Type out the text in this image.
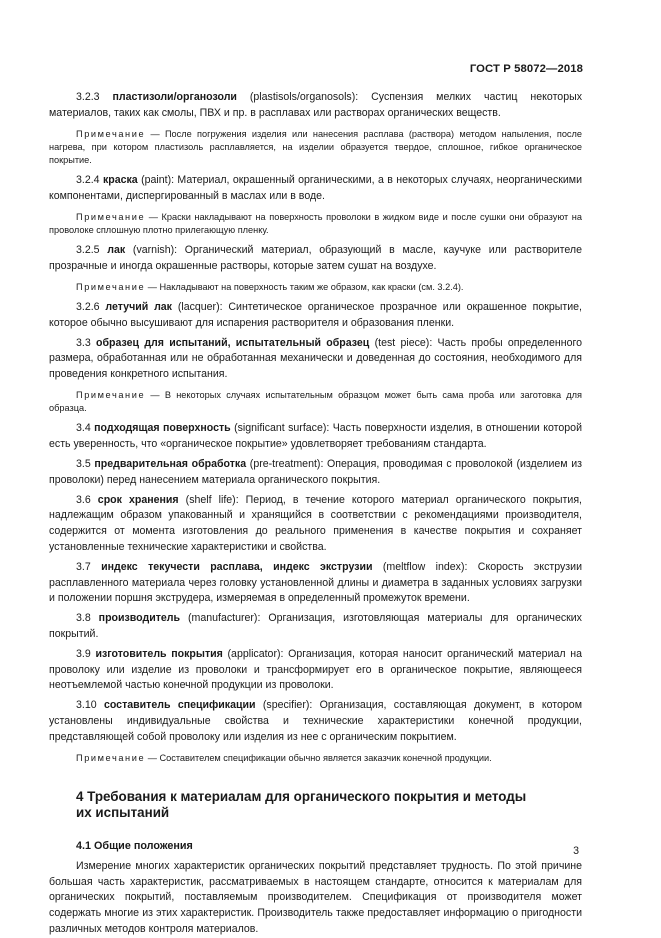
ГОСТ Р 58072—2018

3.2.3 пластизоли/органозоли (plastisols/organosols): Суспензия мелких частиц некоторых материалов, таких как смолы, ПВХ и пр. в расплавах или растворах органических веществ.

Примечание — После погружения изделия или нанесения расплава (раствора) методом напыления, после нагрева, при котором пластизоль расплавляется, на изделии образуется твердое, сплошное, гибкое органическое покрытие.

3.2.4 краска (paint): Материал, окрашенный органическими, а в некоторых случаях, неорганическими компонентами, диспергированный в маслах или в воде.

Примечание — Краски накладывают на поверхность проволоки в жидком виде и после сушки они образуют на проволоке сплошную плотно прилегающую пленку.

3.2.5 лак (varnish): Органический материал, образующий в масле, каучуке или растворителе прозрачные и иногда окрашенные растворы, которые затем сушат на воздухе.

Примечание — Накладывают на поверхность таким же образом, как краски (см. 3.2.4).

3.2.6 летучий лак (lacquer): Синтетическое органическое прозрачное или окрашенное покрытие, которое обычно высушивают для испарения растворителя и образования пленки.

3.3 образец для испытаний, испытательный образец (test piece): Часть пробы определенного размера, обработанная или не обработанная механически и доведенная до состояния, необходимого для проведения конкретного испытания.

Примечание — В некоторых случаях испытательным образцом может быть сама проба или заготовка для образца.

3.4 подходящая поверхность (significant surface): Часть поверхности изделия, в отношении которой есть уверенность, что «органическое покрытие» удовлетворяет требованиям стандарта.

3.5 предварительная обработка (pre-treatment): Операция, проводимая с проволокой (изделием из проволоки) перед нанесением материала органического покрытия.

3.6 срок хранения (shelf life): Период, в течение которого материал органического покрытия, надлежащим образом упакованный и хранящийся в соответствии с рекомендациями производителя, содержится от момента изготовления до реального применения в качестве покрытия и сохраняет установленные технические характеристики и свойства.

3.7 индекс текучести расплава, индекс экструзии (meltflow index): Скорость экструзии расплавленного материала через головку установленной длины и диаметра в заданных условиях загрузки и положении поршня экструдера, измеряемая в определенный промежуток времени.

3.8 производитель (manufacturer): Организация, изготовляющая материалы для органических покрытий.

3.9 изготовитель покрытия (applicator): Организация, которая наносит органический материал на проволоку или изделие из проволоки и трансформирует его в органическое покрытие, являющееся неотъемлемой частью конечной продукции из проволоки.

3.10 составитель спецификации (specifier): Организация, составляющая документ, в котором установлены индивидуальные свойства и технические характеристики конечной продукции, представляющей собой проволоку или изделия из нее с органическим покрытием.

Примечание — Составителем спецификации обычно является заказчик конечной продукции.

4 Требования к материалам для органического покрытия и методы их испытаний
4.1 Общие положения

Измерение многих характеристик органических покрытий представляет трудность. По этой причине большая часть характеристик, рассматриваемых в настоящем стандарте, относится к материалам для органических покрытий, поставляемым производителем. Спецификация от производителя может содержать многие из этих характеристик. Производитель также предоставляет информацию о пригодности различных методов контроля материалов.

3
